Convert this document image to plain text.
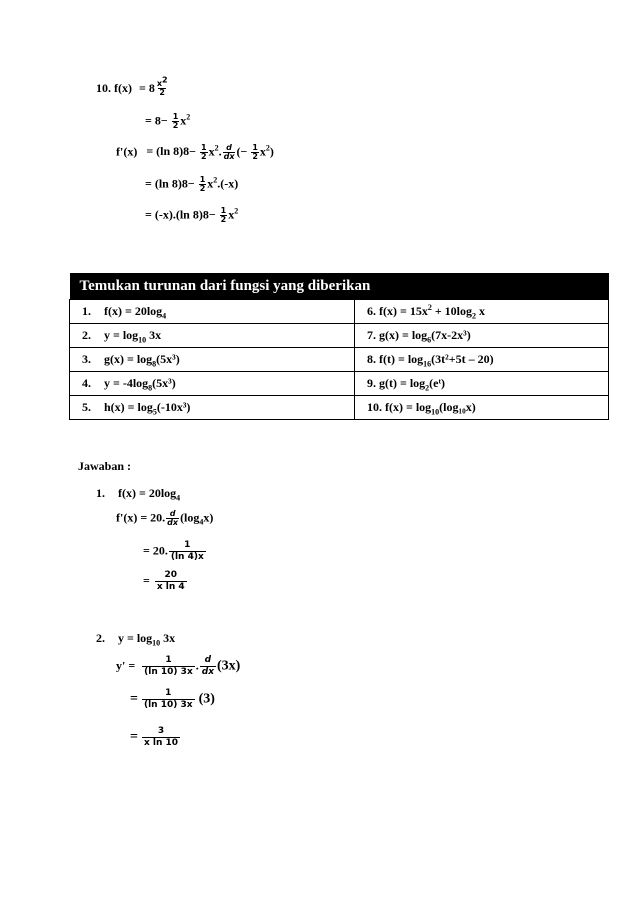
10. $f(x) = 8 \frac{x^2}{2}$
= $8- \frac{1}{2} x^2$
f'(x) = (ln $8)8- \frac{1}{2} x^2$. $\frac{d}{dx}$ (− $\frac{1}{2} x^2$)
= (ln $8)8- \frac{1}{2} x^2.(-x)$
= (-x).(ln $8)8- \frac{1}{2} x^2$
Temukan turunan dari fungsi yang diberikan	
1. $f(x) = 20\log_4$	6. $f(x) = 15x^2 + 10\log_2$ x
2. $y = \log_{10} 3x$	7. $g(x) = \log_6(7x-2x^3)$
3. $g(x) = \log_8(5x^3)$	8. $f(t) = \log_{16}(3t^2+5t - 20)$
4. $y = -4\log_8(5x^3)$	9. $g(t) = \log_2(eᵗ)$
5. $h(x) = \log_5(-10x^3)$	10. $f(x) = \log_{10}(\log_{10}x)$
Jawaban :
1. $f(x) = 20\log_4$
f'(x) = 20. $\frac{d}{dx} (\log_4x)$
= 20. $\frac{1}{(\ln 4)x}$
= $\frac{20}{\text{x ln 4}}$
2. $y = \log_{10} 3x$
$y' = \frac{1}{(\ln 10) 3x}$ . $\frac{d}{dx} (3x)$
= $\frac{1}{(\ln 10) 3x} (3)$
= $\frac{3}{\text{x ln 10}}$
